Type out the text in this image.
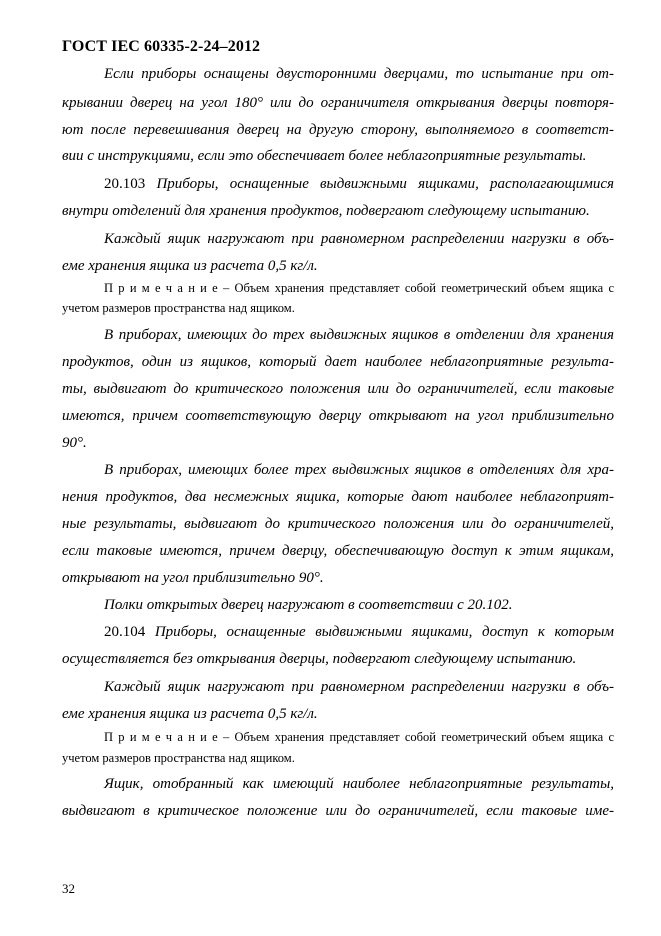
ГОСТ IEC 60335-2-24–2012
Если приборы оснащены двусторонними дверцами, то испытание при от-
крывании дверец на угол 180° или до ограничителя открывания дверцы повторя-
ют после перевешивания дверец на другую сторону, выполняемого в соответст-
вии с инструкциями, если это обеспечивает более неблагоприятные результаты.
20.103 Приборы, оснащенные выдвижными ящиками, располагающимися
внутри отделений для хранения продуктов, подвергают следующему испытанию.
Каждый ящик нагружают при равномерном распределении нагрузки в объ-
еме хранения ящика из расчета 0,5 кг/л.
П р и м е ч а н и е – Объем хранения представляет собой геометрический объем ящика с
учетом размеров пространства над ящиком.
В приборах, имеющих до трех выдвижных ящиков в отделении для хранения
продуктов, один из ящиков, который дает наиболее неблагоприятные результа-
ты, выдвигают до критического положения или до ограничителей, если таковые
имеются, причем соответствующую дверцу открывают на угол приблизительно
90°.
В приборах, имеющих более трех выдвижных ящиков в отделениях для хра-
нения продуктов, два несмежных ящика, которые дают наиболее неблагоприят-
ные результаты, выдвигают до критического положения или до ограничителей,
если таковые имеются, причем дверцу, обеспечивающую доступ к этим ящикам,
открывают на угол приблизительно 90°.
Полки открытых дверец нагружают в соответствии с 20.102.
20.104 Приборы, оснащенные выдвижными ящиками, доступ к которым
осуществляется без открывания дверцы, подвергают следующему испытанию.
Каждый ящик нагружают при равномерном распределении нагрузки в объ-
еме хранения ящика из расчета 0,5 кг/л.
П р и м е ч а н и е – Объем хранения представляет собой геометрический объем ящика с
учетом размеров пространства над ящиком.
Ящик, отобранный как имеющий наиболее неблагоприятные результаты,
выдвигают в критическое положение или до ограничителей, если таковые име-
32
